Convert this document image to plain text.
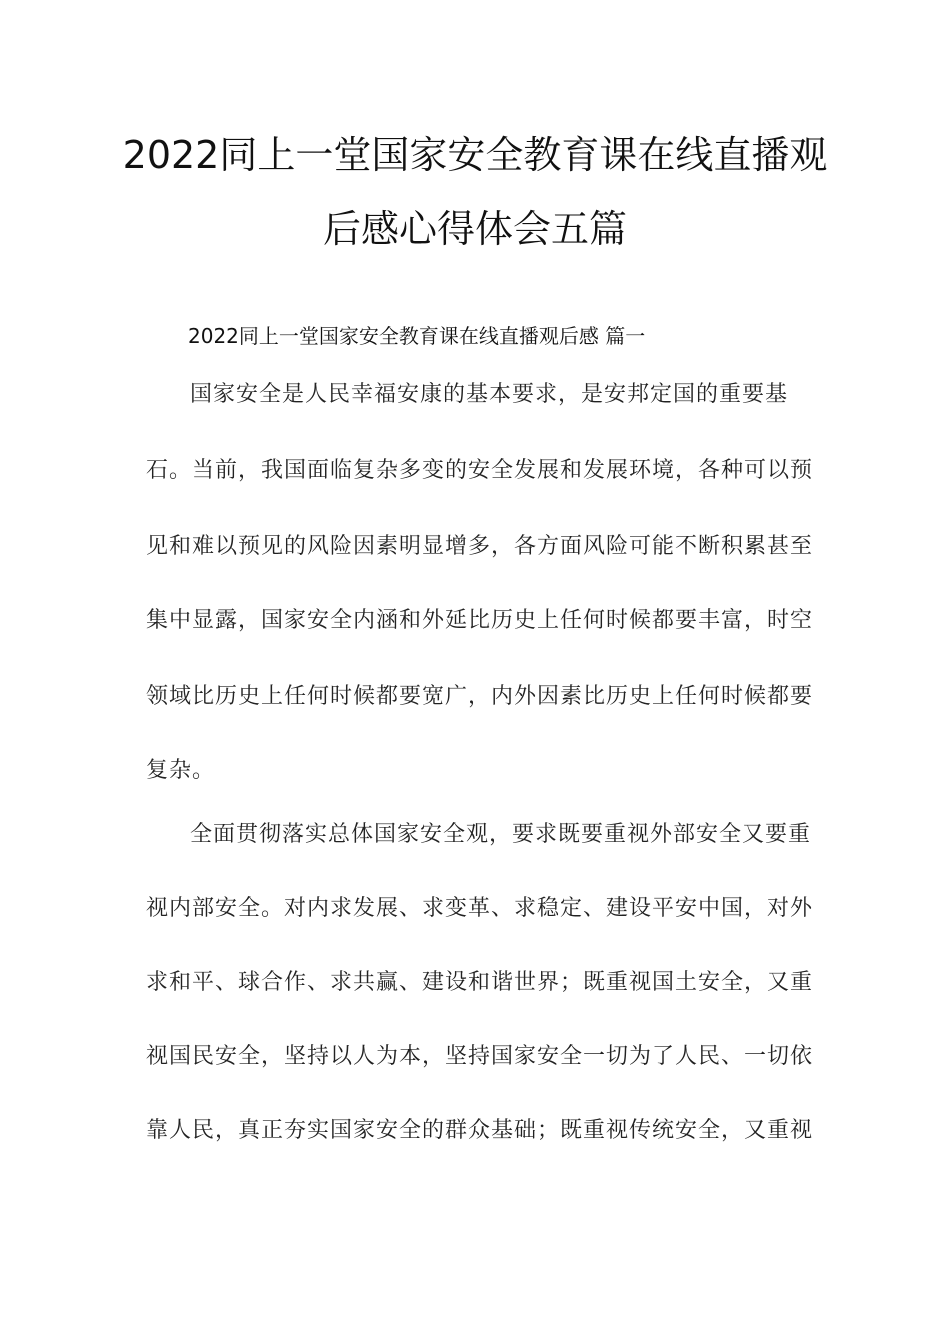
2022同上一堂国家安全教育课在线直播观
后感心得体会五篇
2022同上一堂国家安全教育课在线直播观后感 篇一
国家安全是人民幸福安康的基本要求，是安邦定国的重要基
石。当前，我国面临复杂多变的安全发展和发展环境，各种可以预
见和难以预见的风险因素明显增多，各方面风险可能不断积累甚至
集中显露，国家安全内涵和外延比历史上任何时候都要丰富，时空
领域比历史上任何时候都要宽广，内外因素比历史上任何时候都要
复杂。
全面贯彻落实总体国家安全观，要求既要重视外部安全又要重
视内部安全。对内求发展、求变革、求稳定、建设平安中国，对外
求和平、球合作、求共赢、建设和谐世界；既重视国土安全，又重
视国民安全，坚持以人为本，坚持国家安全一切为了人民、一切依
靠人民，真正夯实国家安全的群众基础；既重视传统安全，又重视
